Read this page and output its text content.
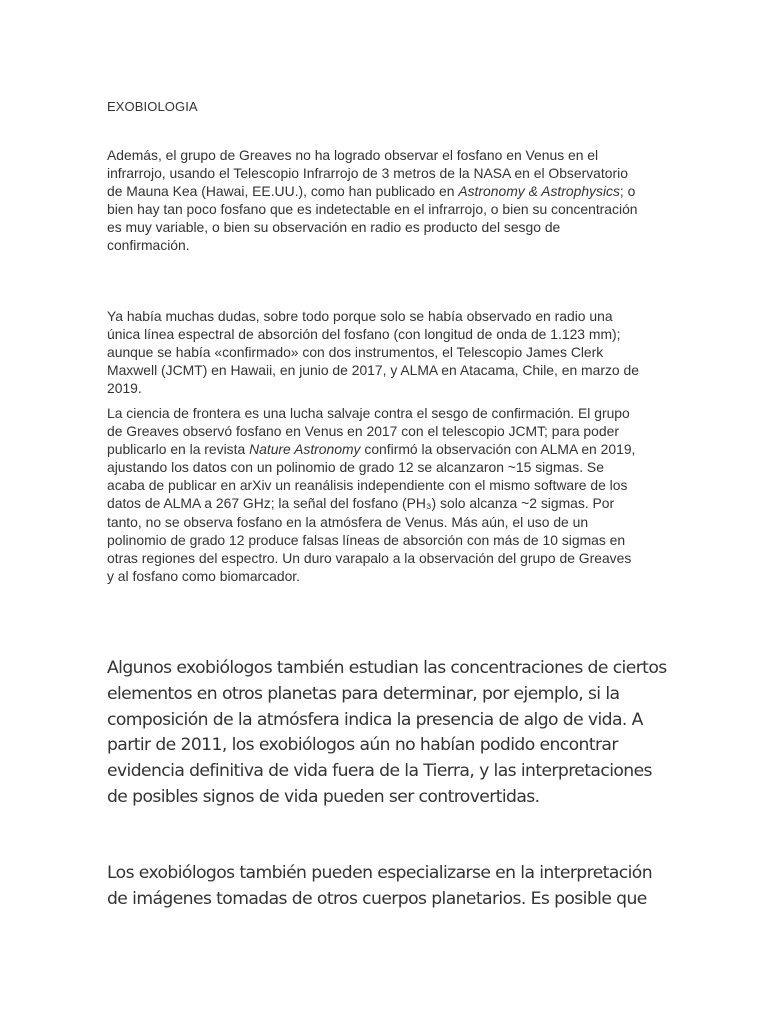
EXOBIOLOGIA

Además, el grupo de Greaves no ha logrado observar el fosfano en Venus en el infrarrojo, usando el Telescopio Infrarrojo de 3 metros de la NASA en el Observatorio de Mauna Kea (Hawai, EE.UU.), como han publicado en Astronomy & Astrophysics; o bien hay tan poco fosfano que es indetectable en el infrarrojo, o bien su concentración es muy variable, o bien su observación en radio es producto del sesgo de confirmación.

Ya había muchas dudas, sobre todo porque solo se había observado en radio una única línea espectral de absorción del fosfano (con longitud de onda de 1.123 mm); aunque se había «confirmado» con dos instrumentos, el Telescopio James Clerk Maxwell (JCMT) en Hawaii, en junio de 2017, y ALMA en Atacama, Chile, en marzo de 2019.

La ciencia de frontera es una lucha salvaje contra el sesgo de confirmación. El grupo de Greaves observó fosfano en Venus en 2017 con el telescopio JCMT; para poder publicarlo en la revista Nature Astronomy confirmó la observación con ALMA en 2019, ajustando los datos con un polinomio de grado 12 se alcanzaron ~15 sigmas. Se acaba de publicar en arXiv un reanálisis independiente con el mismo software de los datos de ALMA a 267 GHz; la señal del fosfano (PH₃) solo alcanza ~2 sigmas. Por tanto, no se observa fosfano en la atmósfera de Venus. Más aún, el uso de un polinomio de grado 12 produce falsas líneas de absorción con más de 10 sigmas en otras regiones del espectro. Un duro varapalo a la observación del grupo de Greaves y al fosfano como biomarcador.

Algunos exobiólogos también estudian las concentraciones de ciertos elementos en otros planetas para determinar, por ejemplo, si la composición de la atmósfera indica la presencia de algo de vida. A partir de 2011, los exobiólogos aún no habían podido encontrar evidencia definitiva de vida fuera de la Tierra, y las interpretaciones de posibles signos de vida pueden ser controvertidas.

Los exobiólogos también pueden especializarse en la interpretación de imágenes tomadas de otros cuerpos planetarios. Es posible que
